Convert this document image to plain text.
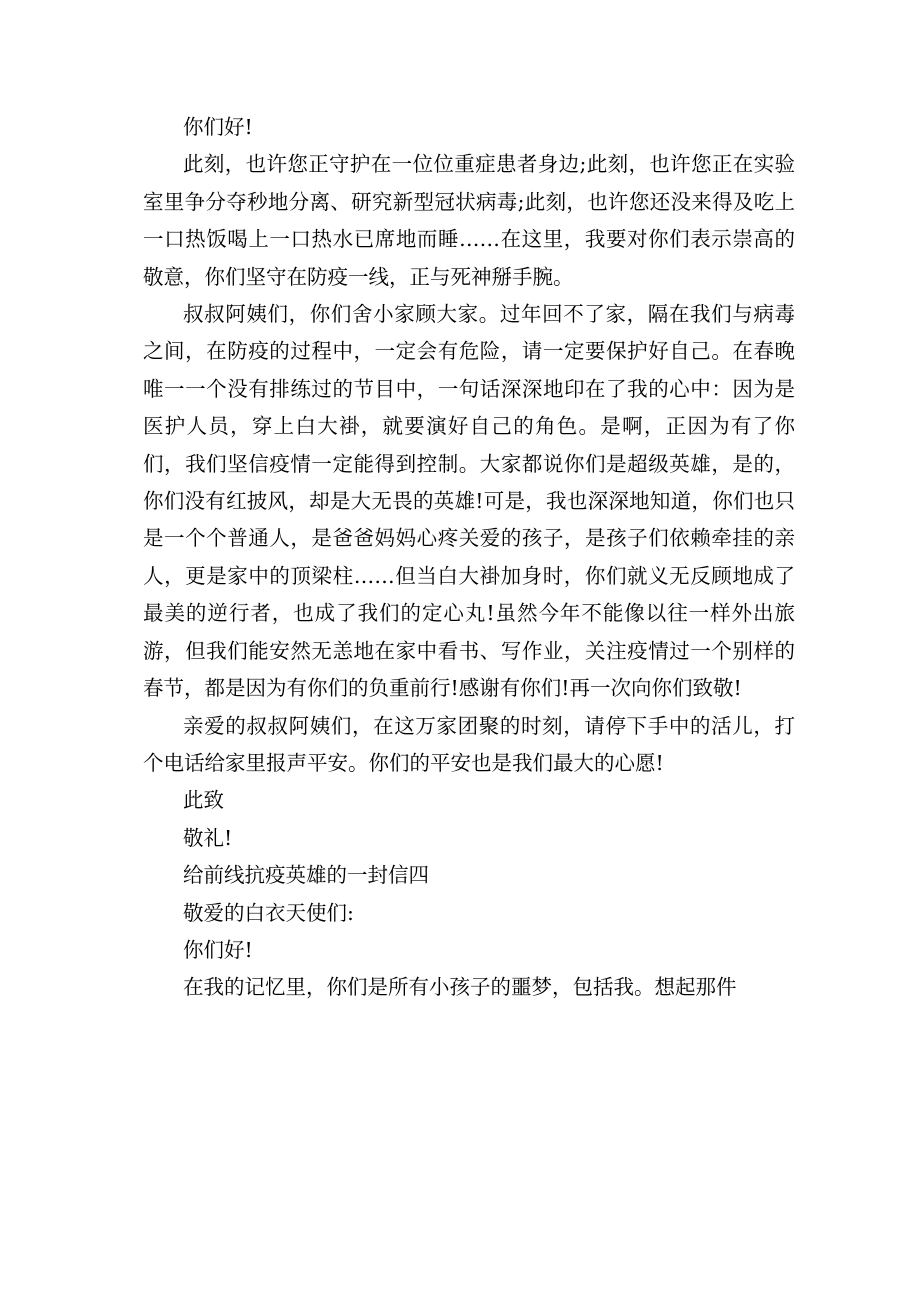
你们好!

此刻，也许您正守护在一位位重症患者身边;此刻，也许您正在实验室里争分夺秒地分离、研究新型冠状病毒;此刻，也许您还没来得及吃上一口热饭喝上一口热水已席地而睡……在这里，我要对你们表示崇高的敬意，你们坚守在防疫一线，正与死神掰手腕。

叔叔阿姨们，你们舍小家顾大家。过年回不了家，隔在我们与病毒之间，在防疫的过程中，一定会有危险，请一定要保护好自己。在春晚唯一一个没有排练过的节目中，一句话深深地印在了我的心中：因为是医护人员，穿上白大褂，就要演好自己的角色。是啊，正因为有了你们，我们坚信疫情一定能得到控制。大家都说你们是超级英雄，是的，你们没有红披风，却是大无畏的英雄!可是，我也深深地知道，你们也只是一个个普通人，是爸爸妈妈心疼关爱的孩子，是孩子们依赖牵挂的亲人，更是家中的顶梁柱……但当白大褂加身时，你们就义无反顾地成了最美的逆行者，也成了我们的定心丸!虽然今年不能像以往一样外出旅游，但我们能安然无恙地在家中看书、写作业，关注疫情过一个别样的春节，都是因为有你们的负重前行!感谢有你们!再一次向你们致敬!

亲爱的叔叔阿姨们，在这万家团聚的时刻，请停下手中的活儿，打个电话给家里报声平安。你们的平安也是我们最大的心愿!

此致

敬礼!

给前线抗疫英雄的一封信四

敬爱的白衣天使们:

你们好!

在我的记忆里，你们是所有小孩子的噩梦，包括我。想起那件
